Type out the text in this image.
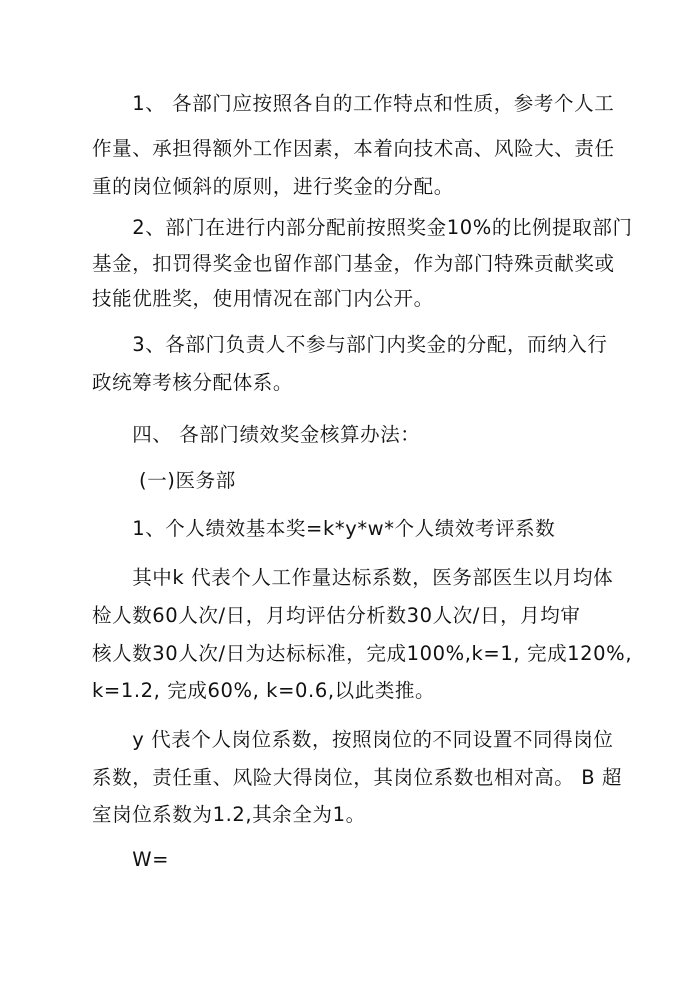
　　1、 各部门应按照各自的工作特点和性质，参考个人工
作量、承担得额外工作因素，本着向技术高、风险大、责任
重的岗位倾斜的原则，进行奖金的分配。
　　2、部门在进行内部分配前按照奖金10%的比例提取部门
基金，扣罚得奖金也留作部门基金，作为部门特殊贡献奖或
技能优胜奖，使用情况在部门内公开。
　　3、各部门负责人不参与部门内奖金的分配，而纳入行
政统筹考核分配体系。
　　四、 各部门绩效奖金核算办法：
　　 (一)医务部
　　1、个人绩效基本奖=k*y*w*个人绩效考评系数
　　其中k 代表个人工作量达标系数，医务部医生以月均体
检人数60人次/日，月均评估分析数30人次/日，月均审
核人数30人次/日为达标标准，完成100%,k=1, 完成120%,
k=1.2, 完成60%, k=0.6,以此类推。
　　y 代表个人岗位系数，按照岗位的不同设置不同得岗位
系数，责任重、风险大得岗位，其岗位系数也相对高。 B 超
室岗位系数为1.2,其余全为1。
　　W=
